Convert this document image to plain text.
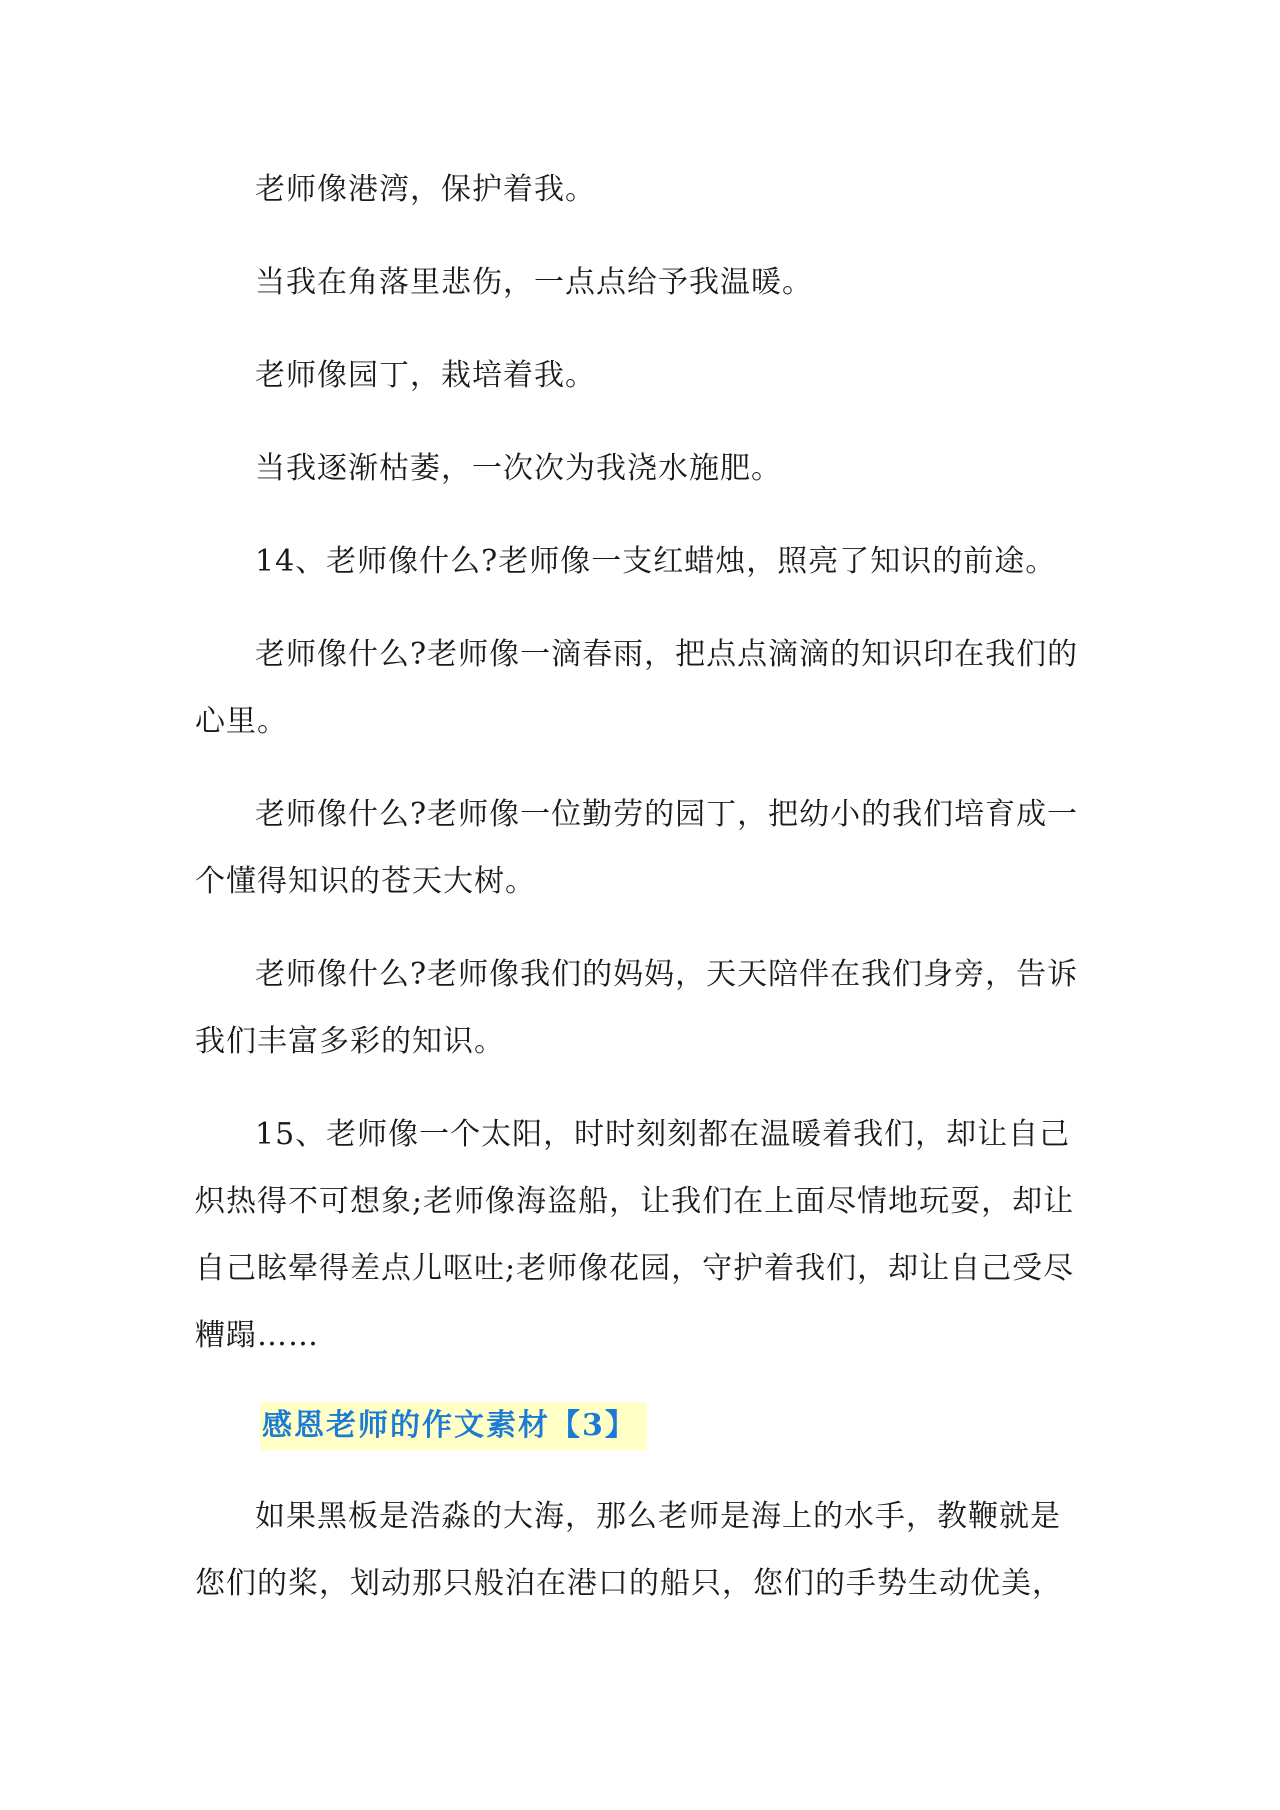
老师像港湾，保护着我。

当我在角落里悲伤，一点点给予我温暖。

老师像园丁，栽培着我。

当我逐渐枯萎，一次次为我浇水施肥。

14、老师像什么?老师像一支红蜡烛，照亮了知识的前途。

老师像什么?老师像一滴春雨，把点点滴滴的知识印在我们的心里。

老师像什么?老师像一位勤劳的园丁，把幼小的我们培育成一个懂得知识的苍天大树。

老师像什么?老师像我们的妈妈，天天陪伴在我们身旁，告诉我们丰富多彩的知识。

15、老师像一个太阳，时时刻刻都在温暖着我们，却让自己炽热得不可想象;老师像海盗船，让我们在上面尽情地玩耍，却让自己眩晕得差点儿呕吐;老师像花园，守护着我们，却让自己受尽糟蹋……

感恩老师的作文素材【3】

如果黑板是浩淼的大海，那么老师是海上的水手，教鞭就是您们的桨，划动那只般泊在港口的船只，您们的手势生动优美，
